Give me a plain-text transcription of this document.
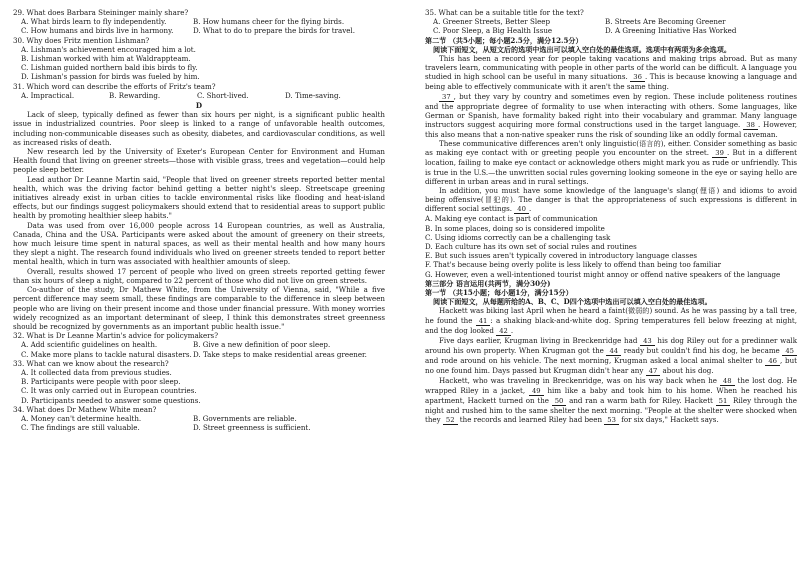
29. What does Barbara Steininger mainly share?

A. What birds learn to fly independently.	B. How humans cheer for the flying birds.
C. How humans and birds live in harmony.	D. What to do to prepare the birds for travel.

30. Why does Fritz mention Lishman?

A. Lishman's achievement encouraged him a lot.
B. Lishman worked with him at Waldrappteam.
C. Lishman guided northern bald ibis birds to fly.
D. Lishman's passion for birds was fueled by him.

31. Which word can describe the efforts of Fritz's team?

A. Impractical.	B. Rewarding.	C. Short-lived.	D. Time-saving.

D

Lack of sleep, typically defined as fewer than six hours per night, is a significant public health issue in industrialized countries. Poor sleep is linked to a range of unfavorable health outcomes, including non-communicable diseases such as obesity, diabetes, and cardiovascular conditions, as well as increased risks of death.

New research led by the University of Exeter's European Center for Environment and Human Health found that living on greener streets—those with visible grass, trees and vegetation—could help people sleep better.

Lead author Dr Leanne Martin said, "People that lived on greener streets reported better mental health, which was the driving factor behind getting a better night's sleep. Streetscape greening initiatives already exist in urban cities to tackle environmental risks like flooding and heat-island effects, but our findings suggest policymakers should extend that to residential areas to support public health by promoting healthier sleep habits."

Data was used from over 16,000 people across 14 European countries, as well as Australia, Canada, China and the USA. Participants were asked about the amount of greenery on their streets, how much leisure time spent in natural spaces, as well as their mental health and how many hours they slept a night. The research found individuals who lived on greener streets tended to report better mental health, which in turn was associated with healthier amounts of sleep.

Overall, results showed 17 percent of people who lived on green streets reported getting fewer than six hours of sleep a night, compared to 22 percent of those who did not live on green streets.

Co-author of the study, Dr Mathew White, from the University of Vienna, said, "While a five percent difference may seem small, these findings are comparable to the difference in sleep between people who are living on their present income and those under financial pressure. With money worries widely recognized as an important determinant of sleep, I think this demonstrates street greenness should be recognized by governments as an important public health issue."

32. What is Dr Leanne Martin's advice for policymakers?

A. Add scientific guidelines on health.	B. Give a new definition of poor sleep.
C. Make more plans to tackle natural disasters. D. Take steps to make residential areas greener.

33. What can we know about the research?

A. It collected data from previous studies.
B. Participants were people with poor sleep.
C. It was only carried out in European countries.
D. Participants needed to answer some questions.

34. What does Dr Mathew White mean?

A. Money can't determine health.	B. Governments are reliable.
C. The findings are still valuable.	D. Street greenness is sufficient.

35. What can be a suitable title for the text?

A. Greener Streets, Better Sleep	B. Streets Are Becoming Greener
C. Poor Sleep, a Big Health Issue	D. A Greening Initiative Has Worked

第二节 （共5小题；每小题2.5分，满分12.5分）

阅读下面短文，从短文后的选项中选出可以填入空白处的最佳选项。选项中有两项为多余选项。

This has been a record year for people taking vacations and making trips abroad. But as many travelers learn, communicating with people in other parts of the world can be difficult. A language you studied in high school can be useful in many situations. 36 . This is because knowing a language and being able to effectively communicate with it aren't the same thing.

37 , but they vary by country and sometimes even by region. These include politeness routines and the appropriate degree of formality to use when interacting with others. Some languages, like German or Spanish, have formality baked right into their vocabulary and grammar. Many language instructors suggest acquiring more formal constructions used in the target language. 38 . However, this also means that a non-native speaker runs the risk of sounding like an oddly formal caveman.

These communicative differences aren't only linguistic(语言的), either. Consider something as basic as making eye contact with or greeting people you encounter on the street. 39 . But in a different location, failing to make eye contact or acknowledge others might mark you as rude or unfriendly. This is true in the U.S.—the unwritten social rules governing looking someone in the eye or saying hello are different in urban areas and in rural settings.

In addition, you must have some knowledge of the language's slang(俚语) and idioms to avoid being offensive(冒犯的). The danger is that the appropriateness of such expressions is different in different social settings. 40 .

A. Making eye contact is part of communication

B. In some places, doing so is considered impolite

C. Using idioms correctly can be a challenging task

D. Each culture has its own set of social rules and routines

E. But such issues aren't typically covered in introductory language classes

F. That's because being overly polite is less likely to offend than being too familiar

G. However, even a well-intentioned tourist might annoy or offend native speakers of the language

第三部分 语言运用(共两节，满分30分)

第一节 （共15小题；每小题1分，满分15分）

阅读下面短文，从每题所给的A、B、C、D四个选项中选出可以填入空白处的最佳选项。

Hackett was biking last April when he heard a faint(微弱的) sound. As he was passing by a tall tree, he found the 41 : a shaking black-and-white dog. Spring temperatures fell below freezing at night, and the dog looked 42 .

Five days earlier, Krugman living in Breckenridge had 43 his dog Riley out for a predinner walk around his own property. When Krugman got the 44 ready but couldn't find his dog, he became 45 and rode around on his vehicle. The next morning, Krugman asked a local animal shelter to 46 , but no one found him. Days passed but Krugman didn't hear any 47 about his dog.

Hackett, who was traveling in Breckenridge, was on his way back when he 48 the lost dog. He wrapped Riley in a jacket, 49 him like a baby and took him to his home. When he reached his apartment, Hackett turned on the 50 and ran a warm bath for Riley. Hackett 51 Riley through the night and rushed him to the same shelter the next morning. "People at the shelter were shocked when they 52 the records and learned Riley had been 53 for six days," Hackett says.
